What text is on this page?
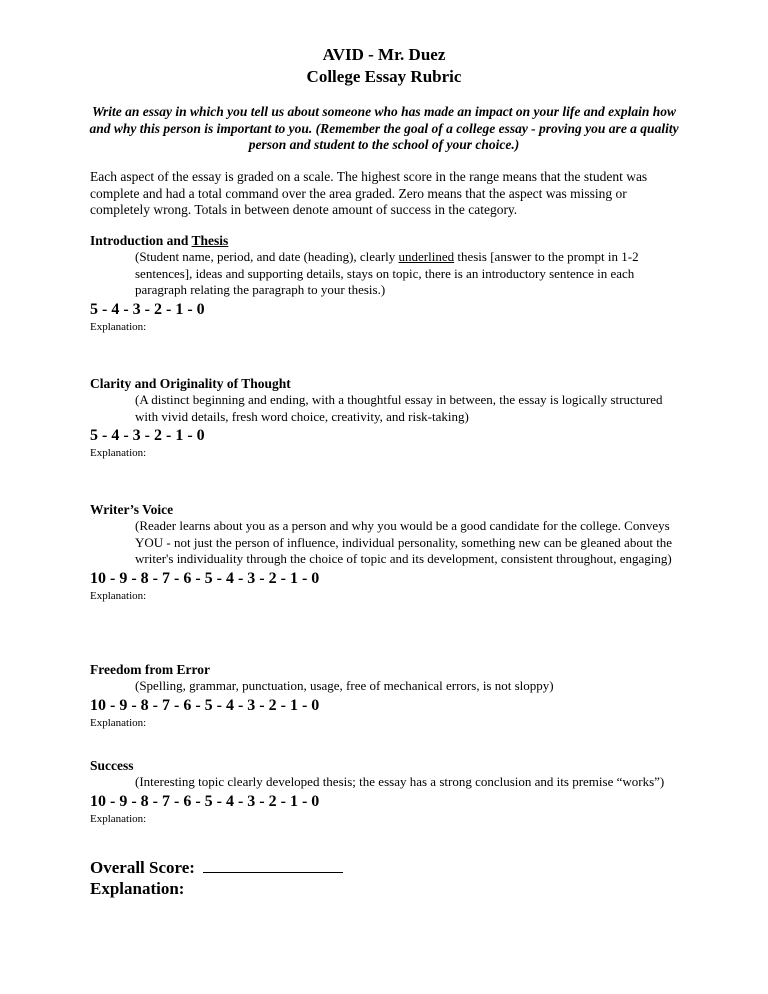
AVID - Mr. Duez
College Essay Rubric
Write an essay in which you tell us about someone who has made an impact on your life and explain how and why this person is important to you. (Remember the goal of a college essay - proving you are a quality person and student to the school of your choice.)
Each aspect of the essay is graded on a scale. The highest score in the range means that the student was complete and had a total command over the area graded. Zero means that the aspect was missing or completely wrong. Totals in between denote amount of success in the category.
Introduction and Thesis
(Student name, period, and date (heading), clearly underlined thesis [answer to the prompt in 1-2 sentences], ideas and supporting details, stays on topic, there is an introductory sentence in each paragraph relating the paragraph to your thesis.)
5 - 4 - 3 - 2 - 1 - 0
Explanation:
Clarity and Originality of Thought
(A distinct beginning and ending, with a thoughtful essay in between, the essay is logically structured with vivid details, fresh word choice, creativity, and risk-taking)
5 - 4 - 3 - 2 - 1 - 0
Explanation:
Writer’s Voice
(Reader learns about you as a person and why you would be a good candidate for the college. Conveys YOU - not just the person of influence, individual personality, something new can be gleaned about the writer's individuality through the choice of topic and its development, consistent throughout, engaging)
10 - 9 - 8 - 7 - 6 - 5 - 4 - 3 - 2 - 1 - 0
Explanation:
Freedom from Error
(Spelling, grammar, punctuation, usage, free of mechanical errors, is not sloppy)
10 - 9 - 8 - 7 - 6 - 5 - 4 - 3 - 2 - 1 - 0
Explanation:
Success
(Interesting topic clearly developed thesis; the essay has a strong conclusion and its premise “works”)
10 - 9 - 8 - 7 - 6 - 5 - 4 - 3 - 2 - 1 - 0
Explanation:
Overall Score:
Explanation:
